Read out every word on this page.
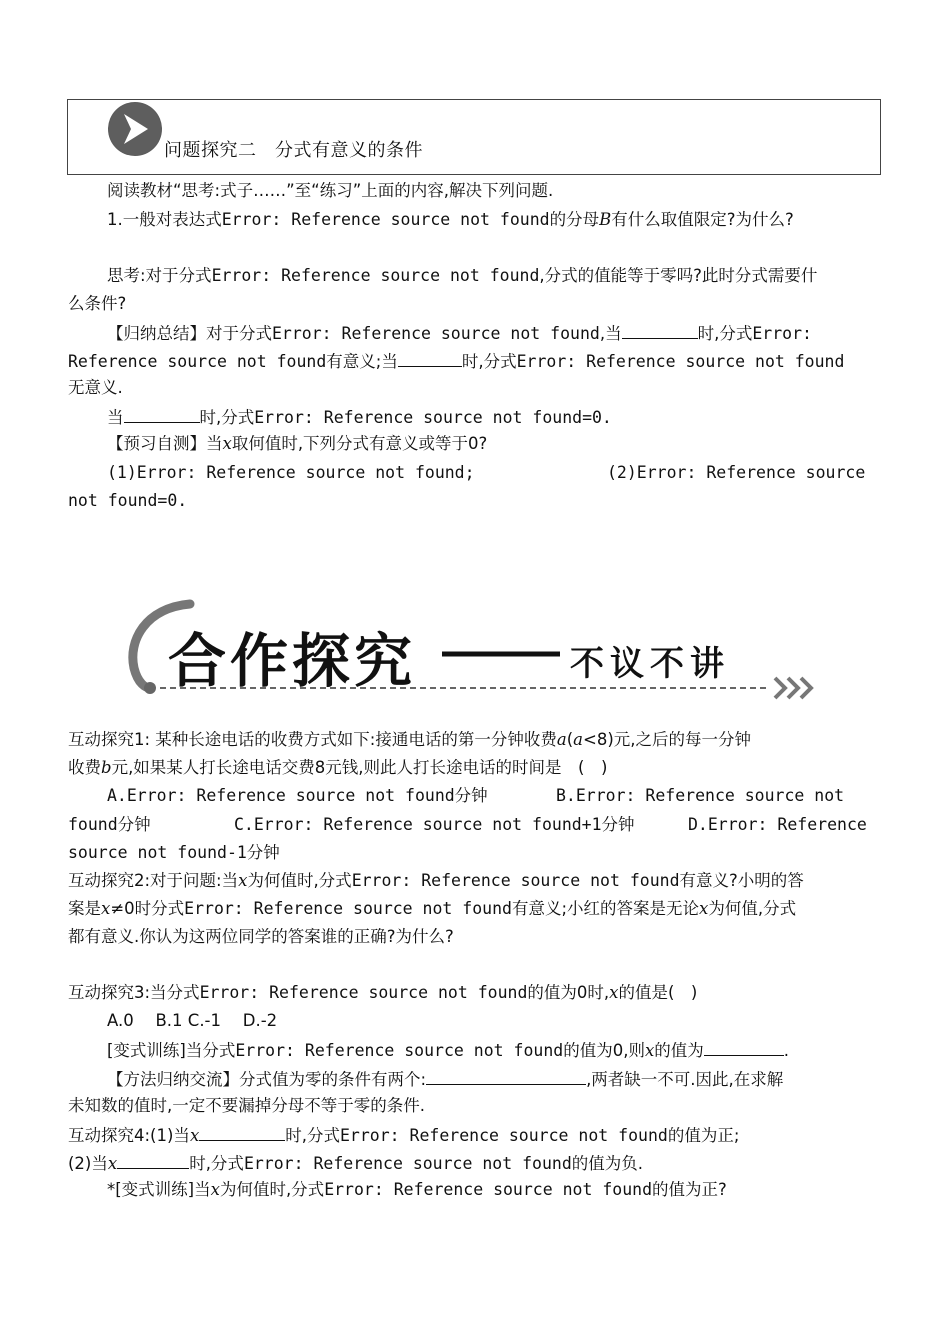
问题探究二　分式有意义的条件
阅读教材“思考:式子……”至“练习”上面的内容,解决下列问题.
1.一般对表达式Error: Reference source not found的分母B有什么取值限定?为什么?
思考:对于分式Error: Reference source not found,分式的值能等于零吗?此时分式需要什
么条件?
【归纳总结】对于分式Error: Reference source not found,当	时,分式Error:
Reference source not found有意义;当	时,分式Error: Reference source not found
无意义.
当	时,分式Error: Reference source not found=0.
【预习自测】当x取何值时,下列分式有意义或等于0?
(1)Error: Reference source not found;	(2)Error: Reference source
not found=0.
合作探究	不议不讲
互动探究1: 某种长途电话的收费方式如下:接通电话的第一分钟收费a(a<8)元,之后的每一分钟
收费b元,如果某人打长途电话交费8元钱,则此人打长途电话的时间是　(　)
A.Error: Reference source not found分钟	B.Error: Reference source not
found分钟	C.Error: Reference source not found+1分钟	D.Error: Reference
source not found-1分钟
互动探究2:对于问题:当x为何值时,分式Error: Reference source not found有意义?小明的答
案是x≠0时分式Error: Reference source not found有意义;小红的答案是无论x为何值,分式
都有意义.你认为这两位同学的答案谁的正确?为什么?
互动探究3:当分式Error: Reference source not found的值为0时,x的值是(　)
A.0　 B.1 C.-1　 D.-2
[变式训练]当分式Error: Reference source not found的值为0,则x的值为	.
【方法归纳交流】分式值为零的条件有两个:	,两者缺一不可.因此,在求解
未知数的值时,一定不要漏掉分母不等于零的条件.
互动探究4:(1)当x	时,分式Error: Reference source not found的值为正;
(2)当x	时,分式Error: Reference source not found的值为负.
*[变式训练]当x为何值时,分式Error: Reference source not found的值为正?
